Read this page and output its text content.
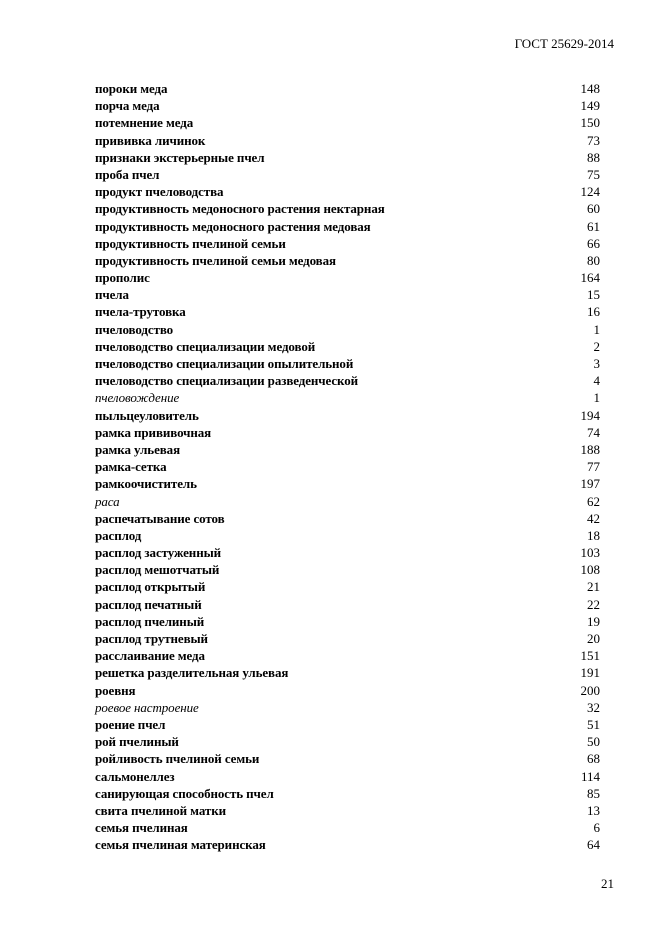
ГОСТ 25629-2014
пороки меда	148
порча меда	149
потемнение меда	150
прививка личинок	73
признаки экстерьерные пчел	88
проба пчел	75
продукт пчеловодства	124
продуктивность медоносного растения нектарная	60
продуктивность медоносного растения медовая	61
продуктивность пчелиной семьи	66
продуктивность пчелиной семьи медовая	80
прополис	164
пчела	15
пчела-трутовка	16
пчеловодство	1
пчеловодство специализации медовой	2
пчеловодство специализации опылительной	3
пчеловодство специализации разведенческой	4
пчеловождение	1
пыльцеуловитель	194
рамка прививочная	74
рамка ульевая	188
рамка-сетка	77
рамкоочиститель	197
раса	62
распечатывание сотов	42
расплод	18
расплод застуженный	103
расплод мешотчатый	108
расплод открытый	21
расплод печатный	22
расплод пчелиный	19
расплод трутневый	20
расслаивание меда	151
решетка разделительная ульевая	191
роевня	200
роевое настроение	32
роение пчел	51
рой пчелиный	50
ройливость пчелиной семьи	68
сальмонеллез	114
санирующая способность пчел	85
свита пчелиной матки	13
семья пчелиная	6
семья пчелиная материнская	64
21
